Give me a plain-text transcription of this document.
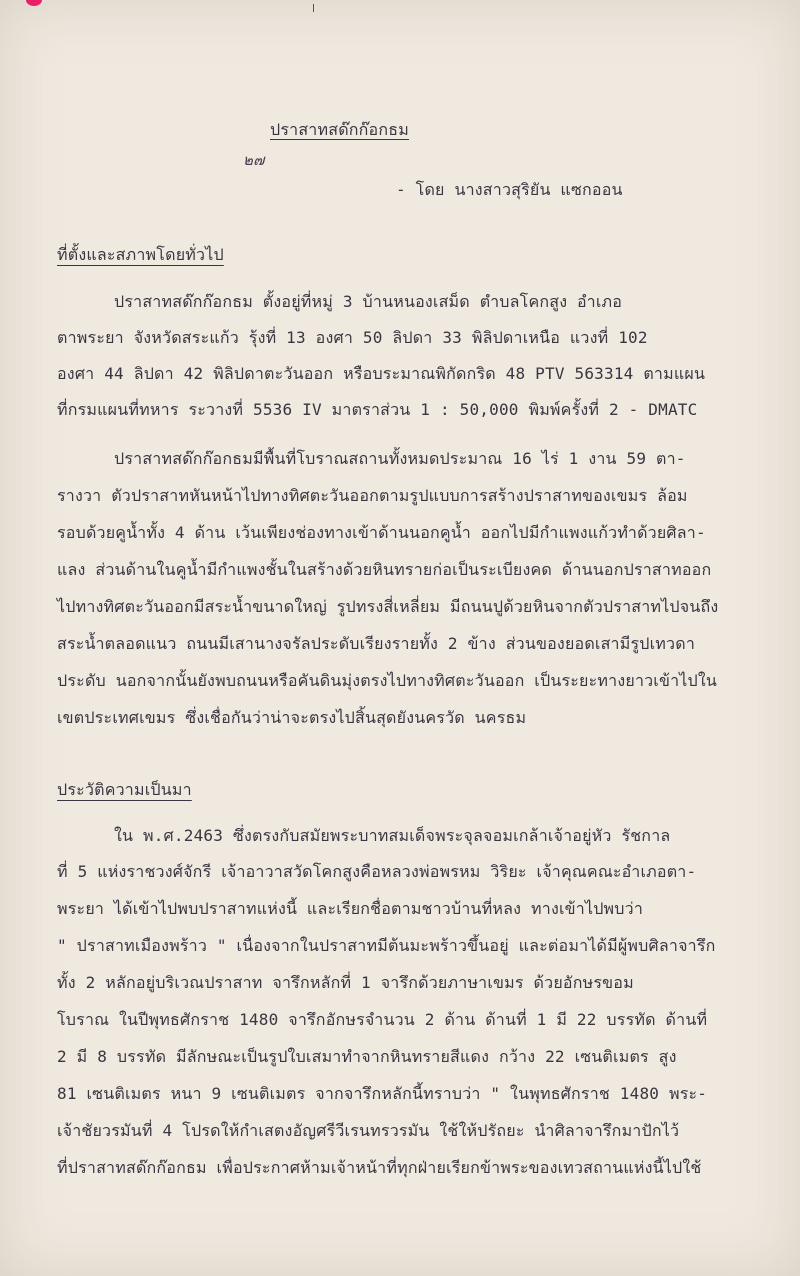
ปราสาทสด๊กก๊อกธม
๒๗
- โดย นางสาวสุริยัน แซกออน
ที่ตั้งและสภาพโดยทั่วไป
ปราสาทสด๊กก๊อกธม ตั้งอยู่ที่หมู่ 3 บ้านหนองเสม็ด ตำบลโคกสูง อำเภอ
ตาพระยา จังหวัดสระแก้ว รุ้งที่ 13 องศา 50 ลิปดา 33 พิลิปดาเหนือ แวงที่ 102
องศา 44 ลิปดา 42 พิลิปดาตะวันออก หรือบระมาณพิกัดกริด 48 PTV 563314 ตามแผน
ที่กรมแผนที่ทหาร ระวางที่ 5536 IV มาตราส่วน 1 : 50,000 พิมพ์ครั้งที่ 2 - DMATC
ปราสาทสด๊กก๊อกธมมีพื้นที่โบราณสถานทั้งหมดประมาณ 16 ไร่ 1 งาน 59 ตา-
รางวา ตัวปราสาทหันหน้าไปทางทิศตะวันออกตามรูปแบบการสร้างปราสาทของเขมร ล้อม
รอบด้วยคูน้ำทั้ง 4 ด้าน เว้นเพียงช่องทางเข้าด้านนอกคูน้ำ ออกไปมีกำแพงแก้วทำด้วยศิลา-
แลง ส่วนด้านในคูน้ำมีกำแพงชั้นในสร้างด้วยหินทรายก่อเป็นระเบียงคด ด้านนอกปราสาทออก
ไปทางทิศตะวันออกมีสระน้ำขนาดใหญ่ รูปทรงสี่เหลี่ยม มีถนนปูด้วยหินจากตัวปราสาทไปจนถึง
สระน้ำตลอดแนว ถนนมีเสานางจรัลประดับเรียงรายทั้ง 2 ข้าง ส่วนของยอดเสามีรูปเทวดา
ประดับ นอกจากนั้นยังพบถนนหรือคันดินมุ่งตรงไปทางทิศตะวันออก เป็นระยะทางยาวเข้าไปใน
เขตประเทศเขมร ซึ่งเชื่อกันว่าน่าจะตรงไปสิ้นสุดยังนครวัด นครธม
ประวัติความเป็นมา
ใน พ.ศ.2463 ซึ่งตรงกับสมัยพระบาทสมเด็จพระจุลจอมเกล้าเจ้าอยู่หัว รัชกาล
ที่ 5 แห่งราชวงศ์จักรี เจ้าอาวาสวัดโคกสูงคือหลวงพ่อพรหม วิริยะ เจ้าคุณคณะอำเภอตา-
พระยา ได้เข้าไปพบปราสาทแห่งนี้ และเรียกชื่อตามชาวบ้านที่หลง ทางเข้าไปพบว่า
" ปราสาทเมืองพร้าว " เนื่องจากในปราสาทมีต้นมะพร้าวขึ้นอยู่ และต่อมาได้มีผู้พบศิลาจารึก
ทั้ง 2 หลักอยู่บริเวณปราสาท จารึกหลักที่ 1 จารึกด้วยภาษาเขมร ด้วยอักษรขอม
โบราณ ในปีพุทธศักราช 1480 จารึกอักษรจำนวน 2 ด้าน ด้านที่ 1 มี 22 บรรทัด ด้านที่
2 มี 8 บรรทัด มีลักษณะเป็นรูปใบเสมาทำจากหินทรายสีแดง กว้าง 22 เซนติเมตร สูง
81 เซนติเมตร หนา 9 เซนติเมตร จากจารึกหลักนี้ทราบว่า " ในพุทธศักราช 1480 พระ-
เจ้าชัยวรมันที่ 4 โปรดให้กำเสตงอัญศรีวีเรนทรวรมัน ใช้ให้ปรัถยะ นำศิลาจารึกมาปักไว้
ที่ปราสาทสด๊กก๊อกธม เพื่อประกาศห้ามเจ้าหน้าที่ทุกฝ่ายเรียกข้าพระของเทวสถานแห่งนี้ไปใช้
